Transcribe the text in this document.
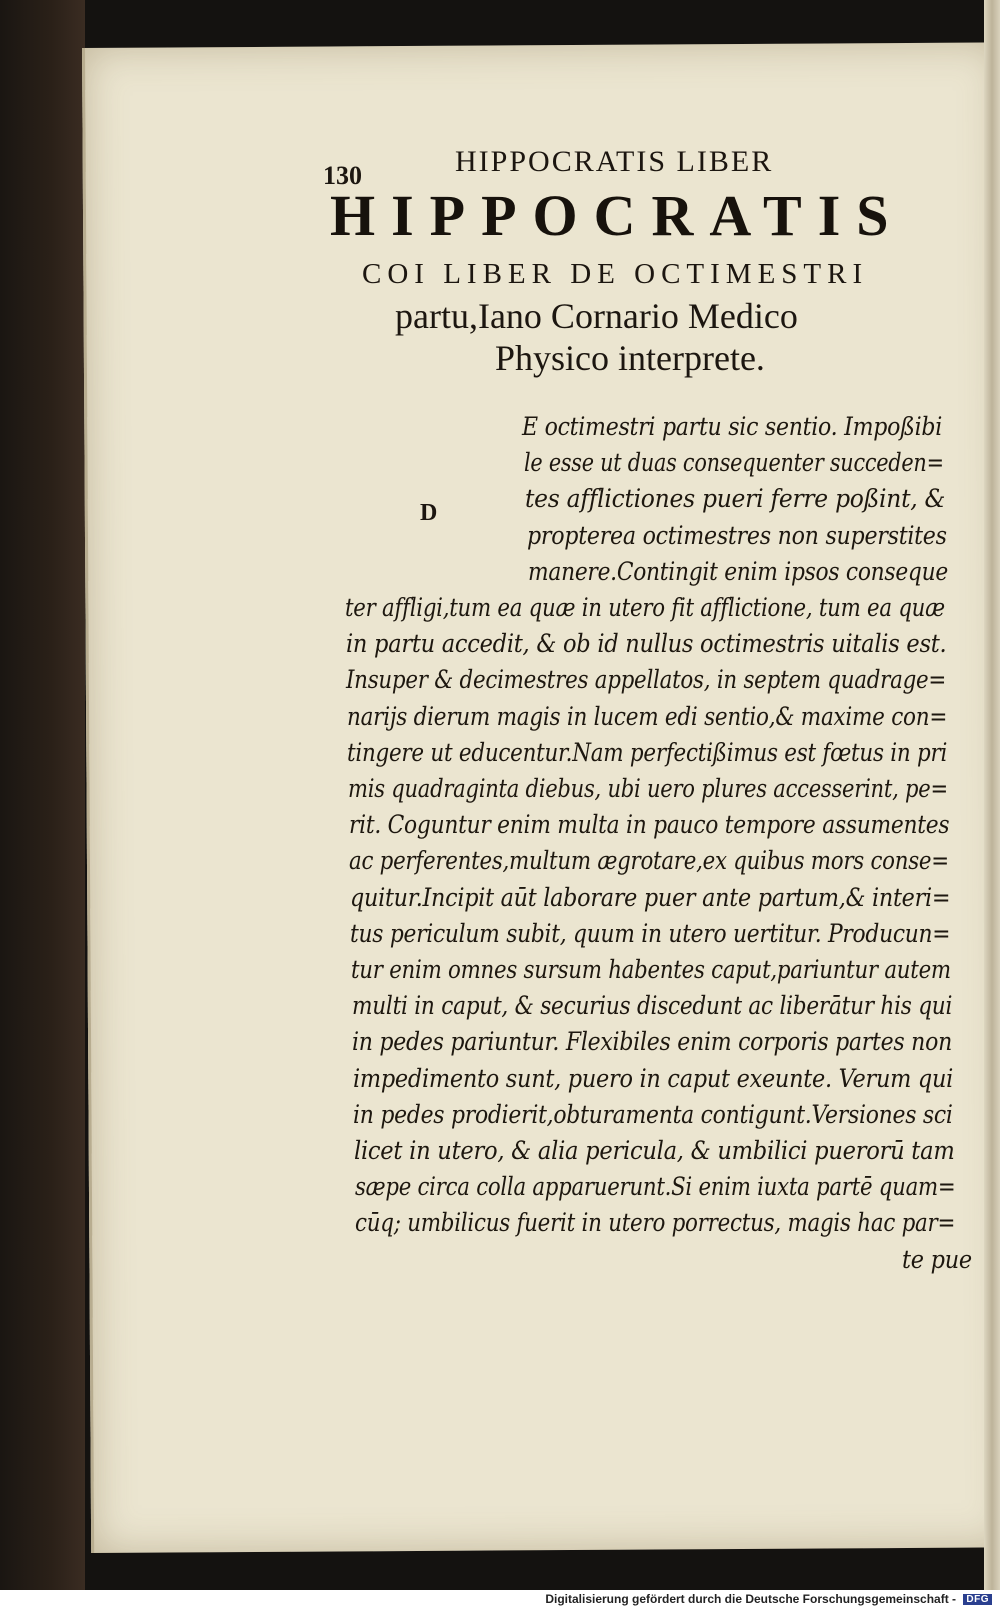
130	HIPPOCRATIS LIBER
HIPPOCRATIS
COI LIBER DE OCTIMESTRI
partu,Iano Cornario Medico
Physico interprete.
D
E octimestri partu sic sentio. Impoßibi
le esse ut duas consequenter succeden=
tes afflictiones pueri ferre poßint, &
propterea octimestres non superstites
manere.Contingit enim ipsos conseque
ter affligi,tum ea quæ in utero fit afflictione, tum ea quæ
in partu accedit, & ob id nullus octimestris uitalis est.
Insuper & decimestres appellatos, in septem quadrage=
narijs dierum magis in lucem edi sentio,& maxime con=
tingere ut educentur.Nam perfectißimus est fœtus in pri
mis quadraginta diebus, ubi uero plures accesserint, pe=
rit. Coguntur enim multa in pauco tempore assumentes
ac perferentes,multum ægrotare,ex quibus mors conse=
quitur.Incipit aūt laborare puer ante partum,& interi=
tus periculum subit, quum in utero uertitur. Producun=
tur enim omnes sursum habentes caput,pariuntur autem
multi in caput, & securius discedunt ac liberātur his qui
in pedes pariuntur. Flexibiles enim corporis partes non
impedimento sunt, puero in caput exeunte. Verum qui
in pedes prodierit,obturamenta contigunt.Versiones sci
licet in utero, & alia pericula, & umbilici puerorū tam
sæpe circa colla apparuerunt.Si enim iuxta partē quam=
cūq; umbilicus fuerit in utero porrectus, magis hac par=
te pue
Digitalisierung gefördert durch die Deutsche Forschungsgemeinschaft - DFG
